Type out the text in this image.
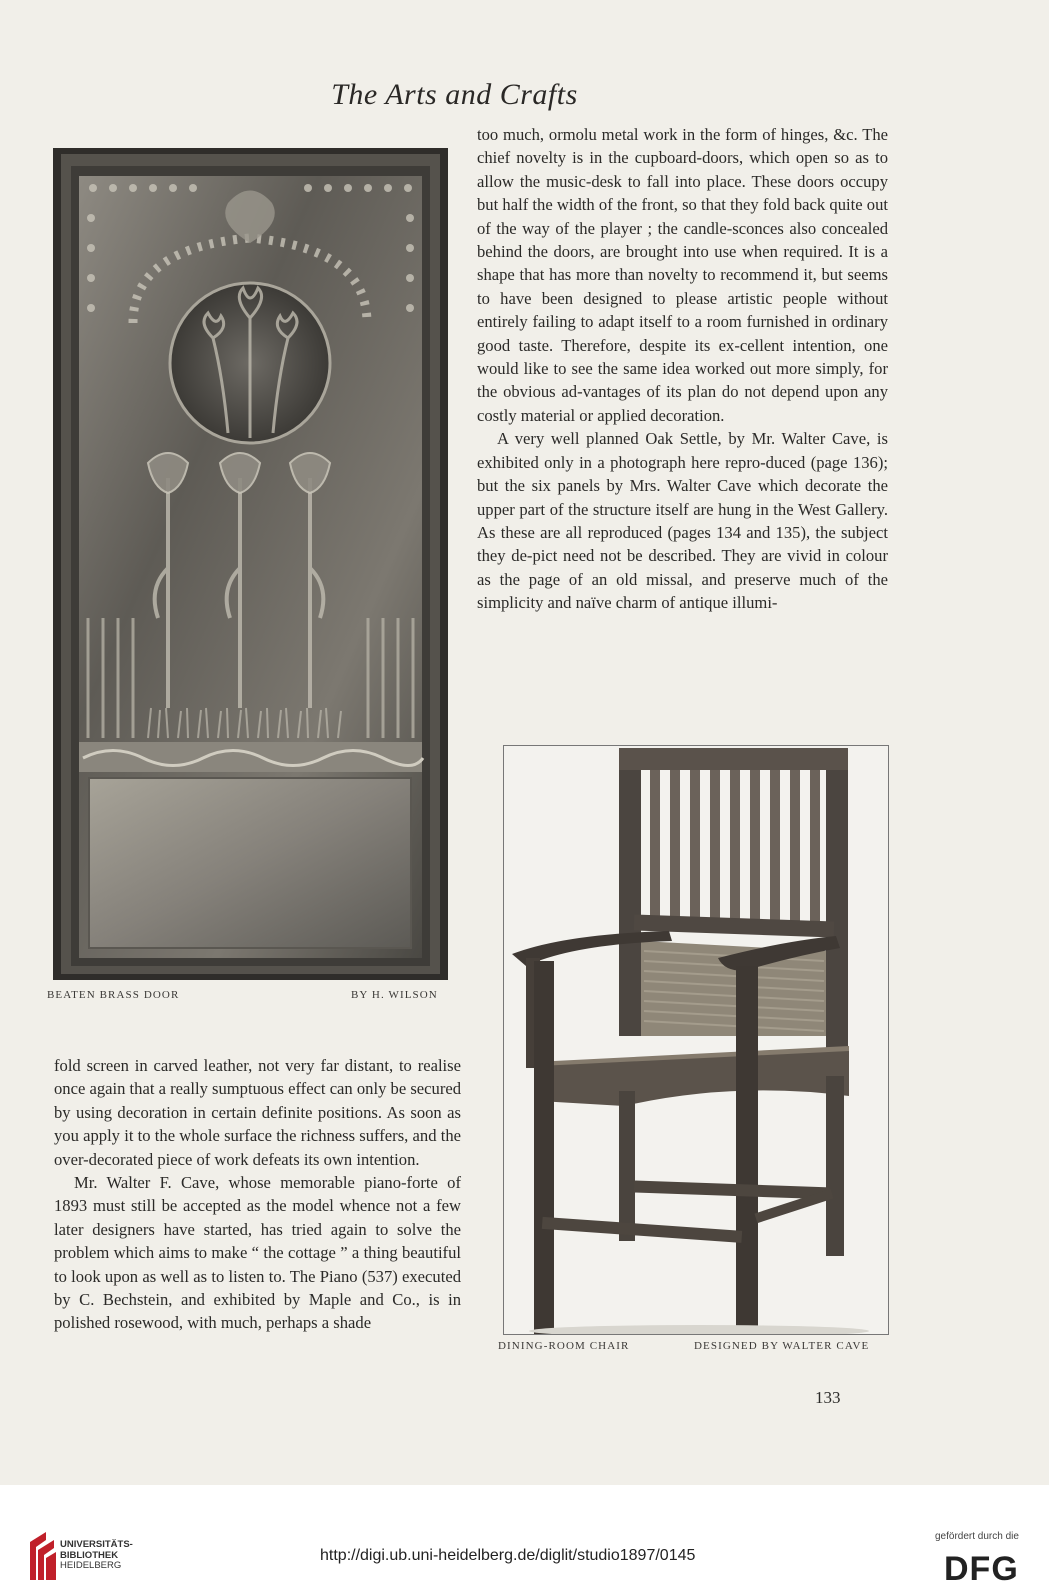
The Arts and Crafts
BEATEN BRASS DOOR	BY H. WILSON

too much, ormolu metal work in the form of hinges, &c. The chief novelty is in the cupboard-doors, which open so as to allow the music-desk to fall into place. These doors occupy but half the width of the front, so that they fold back quite out of the way of the player ; the candle-sconces also concealed behind the doors, are brought into use when required. It is a shape that has more than novelty to recommend it, but seems to have been designed to please artistic people without entirely failing to adapt itself to a room furnished in ordinary good taste. Therefore, despite its ex-cellent intention, one would like to see the same idea worked out more simply, for the obvious ad-vantages of its plan do not depend upon any costly material or applied decoration.

A very well planned Oak Settle, by Mr. Walter Cave, is exhibited only in a photograph here repro-duced (page 136); but the six panels by Mrs. Walter Cave which decorate the upper part of the structure itself are hung in the West Gallery. As these are all reproduced (pages 134 and 135), the subject they de-pict need not be described. They are vivid in colour as the page of an old missal, and preserve much of the simplicity and naïve charm of antique illumi-

DINING-ROOM CHAIR	DESIGNED BY WALTER CAVE

fold screen in carved leather, not very far distant, to realise once again that a really sumptuous effect can only be secured by using decoration in certain definite positions. As soon as you apply it to the whole surface the richness suffers, and the over-decorated piece of work defeats its own intention.

Mr. Walter F. Cave, whose memorable piano-forte of 1893 must still be accepted as the model whence not a few later designers have started, has tried again to solve the problem which aims to make “ the cottage ” a thing beautiful to look upon as well as to listen to. The Piano (537) executed by C. Bechstein, and exhibited by Maple and Co., is in polished rosewood, with much, perhaps a shade

133
UNIVERSITÄTS-
BIBLIOTHEK
HEIDELBERG
http://digi.ub.uni-heidelberg.de/diglit/studio1897/0145
gefördert durch die
DFG
